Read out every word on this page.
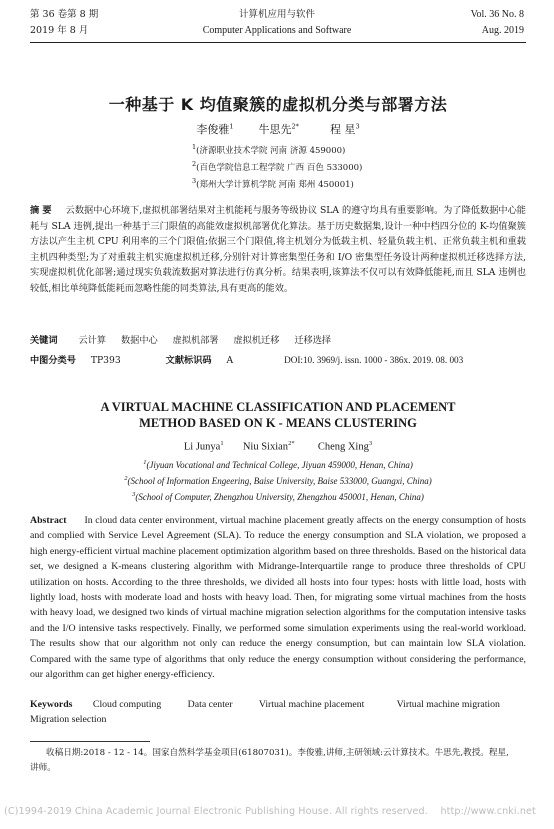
第 36 卷第 8 期
2019 年 8 月
计算机应用与软件
Computer Applications and Software
Vol. 36 No. 8
Aug. 2019
一种基于 K 均值聚簇的虚拟机分类与部署方法
李俊雅$^1$ 牛思先$^{2*}$	程 星$^3$
$^1$(济源职业技术学院 河南 济源 459000)
$^2$(百色学院信息工程学院 广西 百色 533000)
$^3$(郑州大学计算机学院 河南 郑州 450001)
摘 要 云数据中心环境下,虚拟机部署结果对主机能耗与服务等级协议 SLA 的遵守均具有重要影响。为了降低数据中心能耗与 SLA 违例,提出一种基于三门限值的高能效虚拟机部署优化算法。基于历史数据集,设计一种中档四分位的 K-均值聚簇方法以产生主机 CPU 利用率的三个门限值;依据三个门限值,将主机划分为低载主机、轻量负载主机、正常负载主机和重载主机四种类型;为了对重载主机实施虚拟机迁移,分别针对计算密集型任务和 I/O 密集型任务设计两种虚拟机迁移选择方法,实现虚拟机优化部署;通过现实负载流数据对算法进行仿真分析。结果表明,该算法不仅可以有效降低能耗,而且 SLA 违例也较低,相比单纯降低能耗而忽略性能的同类算法,具有更高的能效。
关键词 云计算 数据中心 虚拟机部署 虚拟机迁移 迁移选择
中图分类号 TP393	文献标识码 A	DOI:10. 3969/j. issn. 1000 - 386x. 2019. 08. 003
A VIRTUAL MACHINE CLASSIFICATION AND PLACEMENT
METHOD BASED ON K - MEANS CLUSTERING
Li Junya$^1$ Niu Sixian$^{2*}$ Cheng Xing$^3$
$^1$(Jiyuan Vocational and Technical College, Jiyuan 459000, Henan, China)
$^2$(School of Information Engeering, Baise University, Baise 533000, Guangxi, China)
$^3$(School of Computer, Zhengzhou University, Zhengzhou 450001, Henan, China)
Abstract In cloud data center environment, virtual machine placement greatly affects on the energy consumption of hosts and complied with Service Level Agreement (SLA). To reduce the energy consumption and SLA violation, we proposed a high energy-efficient virtual machine placement optimization algorithm based on three thresholds. Based on the historical data set, we designed a K-means clustering algorithm with Midrange-Interquartile range to produce three thresholds of CPU utilization on hosts. According to the three thresholds, we divided all hosts into four types: hosts with little load, hosts with lightly load, hosts with moderate load and hosts with heavy load. Then, for migrating some virtual machines from the hosts with heavy load, we designed two kinds of virtual machine migration selection algorithms for the computation intensive tasks and the I/O intensive tasks respectively. Finally, we performed some simulation experiments using the real-world workload. The results show that our algorithm not only can reduce the energy consumption, but can maintain low SLA violation. Compared with the same type of algorithms that only reduce the energy consumption without considering the performance, our algorithm can get higher energy-efficiency.
Keywords Cloud computing	Data center	Virtual machine placement	Virtual machine migration
Migration selection
收稿日期:2018 - 12 - 14。国家自然科学基金项目(61807031)。李俊雅,讲师,主研领域:云计算技术。牛思先,教授。程星,
讲师。
(C)1994-2019 China Academic Journal Electronic Publishing House. All rights reserved.    http://www.cnki.net
